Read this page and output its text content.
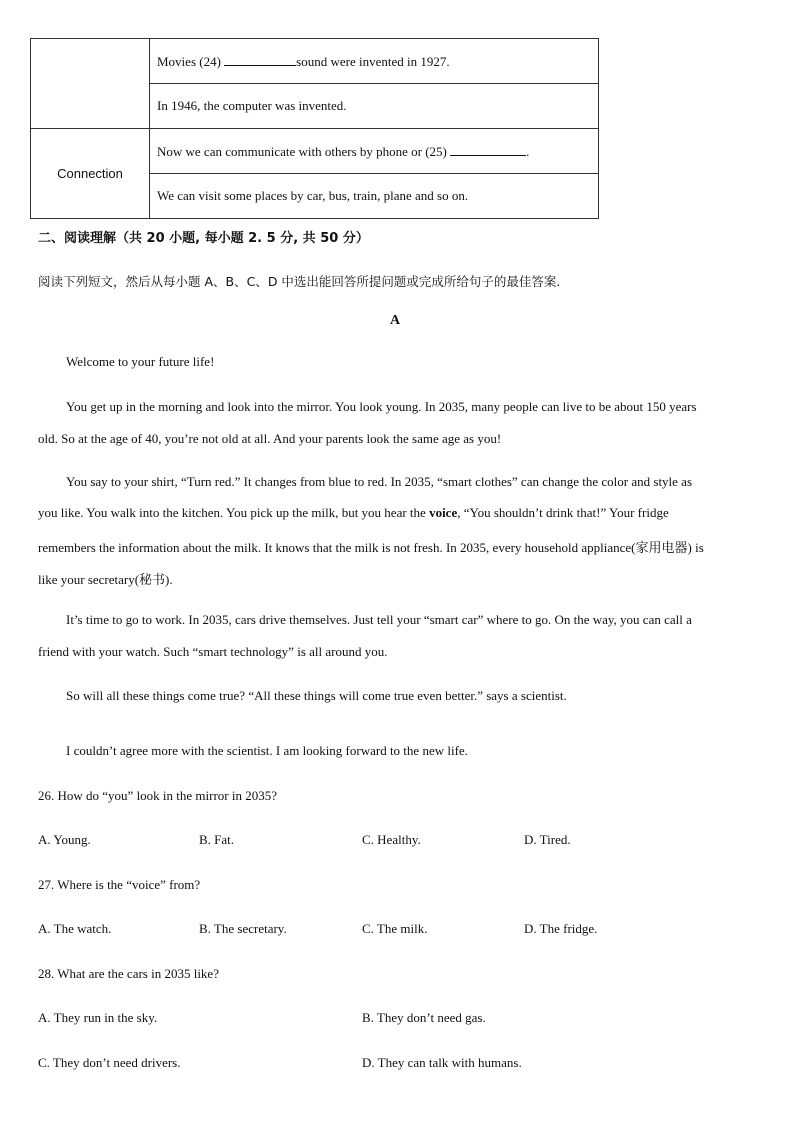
	Movies (24) sound were invented in 1927.
	In 1946, the computer was invented.
Connection	Now we can communicate with others by phone or (25) .
	We can visit some places by car, bus, train, plane and so on.
二、阅读理解（共 20 小题, 每小题 2. 5 分, 共 50 分）
阅读下列短文，然后从每小题 A、B、C、D 中选出能回答所提问题或完成所给句子的最佳答案.
A
Welcome to your future life!
You get up in the morning and look into the mirror. You look young. In 2035, many people can live to be about 150 years
old. So at the age of 40, you’re not old at all. And your parents look the same age as you!
You say to your shirt, “Turn red.” It changes from blue to red. In 2035, “smart clothes” can change the color and style as
you like. You walk into the kitchen. You pick up the milk, but you hear the voice, “You shouldn’t drink that!” Your fridge
remembers the information about the milk. It knows that the milk is not fresh. In 2035, every household appliance(家用电器) is
like your secretary(秘书).
It’s time to go to work. In 2035, cars drive themselves. Just tell your “smart car” where to go. On the way, you can call a
friend with your watch. Such “smart technology” is all around you.
So will all these things come true? “All these things will come true even better.” says a scientist.
I couldn’t agree more with the scientist. I am looking forward to the new life.
26. How do “you” look in the mirror in 2035?
A. Young.	B. Fat.	C. Healthy.	D. Tired.
27. Where is the “voice” from?
A. The watch.	B. The secretary.	C. The milk.	D. The fridge.
28. What are the cars in 2035 like?
A. They run in the sky.	B. They don’t need gas.
C. They don’t need drivers.	D. They can talk with humans.
